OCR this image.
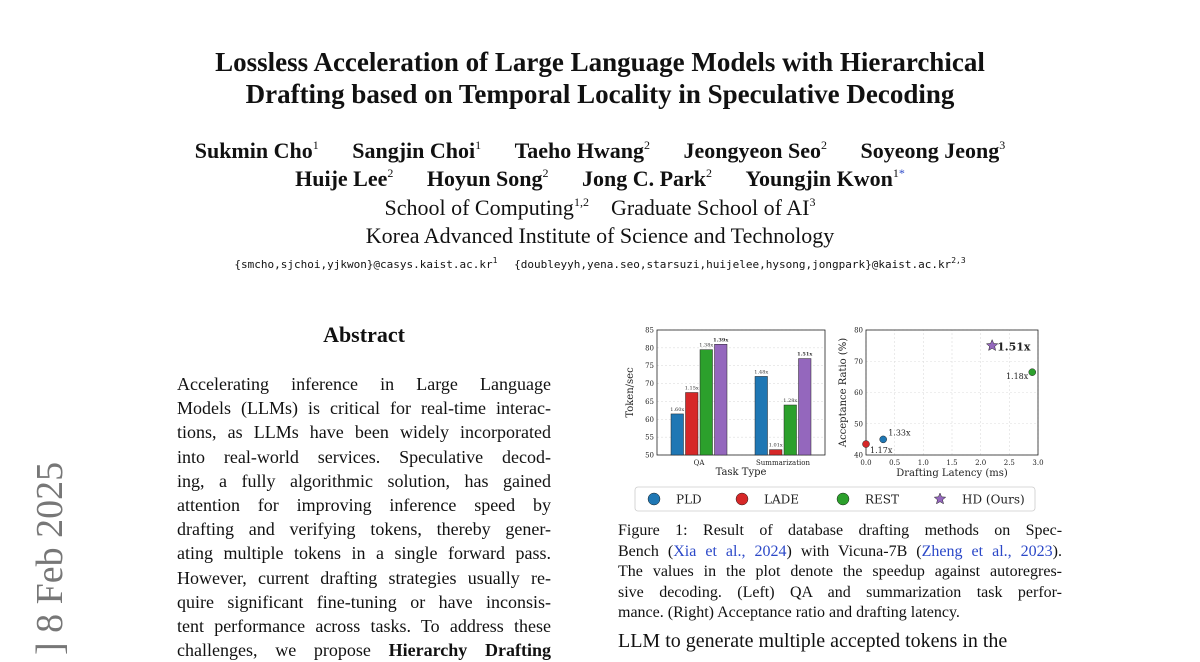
] 8 Feb 2025
Lossless Acceleration of Large Language Models with Hierarchical
Drafting based on Temporal Locality in Speculative Decoding
Sukmin Cho$^1$ Sangjin Choi$^1$ Taeho Hwang$^2$ Jeongyeon Seo$^2$ Soyeong Jeong$^3$
Huije Lee$^2$ Hoyun Song$^2$ Jong C. Park$^2$ Youngjin Kwon$^{1*}$
School of Computing$^{1,2}$ Graduate School of $AI^3$
Korea Advanced Institute of Science and Technology
$\{smcho,sjchoi,yjkwon\}@casys.kaist.ac.kr^1$ {doubleyyh,yena.seo,starsuzi,huijelee,hysong,jongpark}@kaist.ac.kr$^{2,3}$
Abstract
Accelerating inference in Large Language
Models (LLMs) is critical for real-time interac-
tions, as LLMs have been widely incorporated
into real-world services. Speculative decod-
ing, a fully algorithmic solution, has gained
attention for improving inference speed by
drafting and verifying tokens, thereby gener-
ating multiple tokens in a single forward pass.
However, current drafting strategies usually re-
quire significant fine-tuning or have inconsis-
tent performance across tasks. To address these
challenges, we propose Hierarchy Drafting
50
55
60
65
70
75
80
85
QA
1.60x
1.15x
1.38x
1.39x
Summarization
1.48x
1.01x
1.28x
1.51x
Task Type
Token/sec
40
50
60
70
80
0.0	0.5	1.0	1.5	2.0	2.5	3.0
1.33x
1.17x
1.18x
1.51x
Drafting Latency (ms)
Acceptance Ratio (%)
PLD	LADE	REST	HD (Ours)
Figure 1: Result of database drafting methods on Spec-
Bench (Xia et al., 2024) with Vicuna-7B (Zheng et al., 2023).
The values in the plot denote the speedup against autoregres-
sive decoding. (Left) QA and summarization task perfor-
mance. (Right) Acceptance ratio and drafting latency.
LLM to generate multiple accepted tokens in the
